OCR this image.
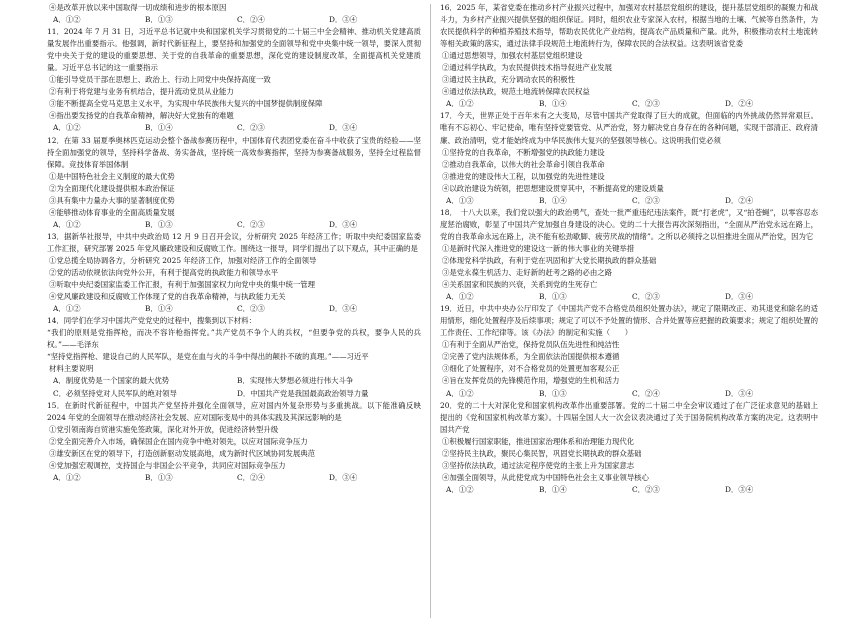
④是改革开放以来中国取得一切成绩和进步的根本原因
A．①②	B．①③	C．②④	D．③④
11．2024 年 7 月 31 日，习近平总书记就中央和国家机关学习贯彻党的二十届三中全会精神、推动机关党建高质量发展作出重要指示。他强调，新时代新征程上，要坚持和加强党的全面领导和党中央集中统一领导，要深入贯彻党中央关于党的建设的重要思想、关于党的自我革命的重要思想，深化党的建设制度改革，全面提高机关党建质量。习近平总书记的这一重要指示
①能引导党员干部在思想上、政治上、行动上同党中央保持高度一致
②有利于将党建与业务有机结合，提升流动党员从业能力
③能不断提高全党马克思主义水平，为实现中华民族伟大复兴的中国梦提供制度保障
④指出要发扬党的自我革命精神，解决好大党独有的难题
A．①②	B．①④	C．②③	D．③④
12．在第 33 届夏季奥林匹克运动会整个备战参赛历程中，中国体育代表团党委在奋斗中收获了宝贵的经验——坚持全面加强党的领导，坚持科学备战、务实备战，坚持统一高效参赛指挥，坚持为参赛备战服务，坚持全过程监督保障。竞技体育举国体制
①是中国特色社会主义制度的最大优势
②为全面现代化建设提供根本政治保证
③具有集中力量办大事的显著制度优势
④能够推动体育事业的全面高质量发展
A．①②	B．①③	C．②③	D．③④
13．据新华社报导，中共中央政治局 12 月 9 日召开会议，分析研究 2025 年经济工作；听取中央纪委国家监委工作汇报，研究部署 2025 年党风廉政建设和反腐败工作。围绕这一报导，同学们提出了以下观点，其中正确的是
①党总揽全局协调各方，分析研究 2025 年经济工作，加强对经济工作的全面领导
②党的活动依规依法向党外公开，有利于提高党的执政能力和领导水平
③听取中央纪委国家监委工作汇报，有利于加强国家权力向党中央的集中统一管理
④党风廉政建设和反腐败工作体现了党的自我革命精神，与执政能力无关
A．①②	B．①④	C．②③	D．③④
14．同学们在学习中国共产党党史的过程中，搜集到以下材料：
“我们的原则是党指挥枪，而决不容许枪指挥党。”共产党员不争个人的兵权，“但要争党的兵权，要争人民的兵权。”——毛泽东
“坚持党指挥枪、建设自己的人民军队，是党在血与火的斗争中得出的颠扑不破的真理。”——习近平
材料主要说明
A．制度优势是一个国家的最大优势	B．实现伟大梦想必须进行伟大斗争
C．必须坚持党对人民军队的绝对领导	D．中国共产党是我国最高政治领导力量
15．在新时代新征程中，中国共产党坚持并强化全面领导，应对国内外复杂形势与多重挑战。以下能准确反映 2024 年党的全面领导在推动经济社会发展、应对国际变局中的具体实践及其深远影响的是
①党引领南海自贸港实施免签政策，深化对外开放，促进经济转型升级
②党全面完善介入市场，确保国企在国内竞争中绝对领先，以应对国际竞争压力
③雄安新区在党的领导下，打造创新驱动发展高地，成为新时代区域协同发展典范
④党加强宏观调控，支持国企与非国企公平竞争，共同应对国际竞争压力
A．①②	B．①③	C．②④	D．③④
16．2025 年，某省党委在推动乡村产业振兴过程中，加强对农村基层党组织的建设，提升基层党组织的凝聚力和战斗力，为乡村产业振兴提供坚强的组织保证。同时，组织农业专家深入农村，根据当地的土壤、气候等自然条件，为农民提供科学的种植养殖技术指导，帮助农民优化产业结构，提高农产品质量和产量。此外，积极推动农村土地流转等相关政策的落实，通过法律手段规范土地流转行为，保障农民的合法权益。这表明该省党委
①通过思想领导，加强农村基层党组织建设
②通过科学执政，为农民提供技术指导促进产业发展
③通过民主执政，充分调动农民的积极性
④通过依法执政，规范土地流转保障农民权益
A．①②	B．①④	C．②③	D．②④
17．今天，世界正处于百年未有之大变局，尽管中国共产党取得了巨大的成就，但面临的内外挑战仍然异常艰巨。唯有不忘初心、牢记使命，唯有坚持党要管党、从严治党，努力解决党自身存在的各种问题，实现干部清正、政府清廉、政治清明，党才能始终成为中华民族伟大复兴的坚强领导核心。这说明我们党必须
①坚持党的自我革命，不断增强党的执政能力建设
②推动自我革命，以伟大的社会革命引领自我革命
③推进党的建设伟大工程，以加强党的先进性建设
④以政治建设为统领，把思想建设贯穿其中，不断提高党的建设质量
A．①③	B．①④	C．②③	D．②④
18．　十八大以来，我们党以强大的政治勇气，查处一批严重违纪违法案件，既“打老虎”，又“拍苍蝇”，以零容忍态度惩治腐败，彰显了中国共产党加强自身建设的决心。党的二十大报告再次深刻指出，“全面从严治党永远在路上，党的自我革命永远在路上，决不能有松劲歇脚、疲劳厌战的情绪”。之所以必须持之以恒推进全面从严治党，因为它
①是新时代深入推进党的建设这一新的伟大事业的关键举措
②体现党科学执政，有利于党在巩固和扩大党长期执政的群众基础
③是党永葆生机活力、走好新的赶考之路的必由之路
④关系国家和民族的兴衰，关系到党的生死存亡
A．①②	B．①③	C．②③	D．③④
19．近日，中共中央办公厅印发了《中国共产党不合格党员组织处置办法》，规定了限期改正、劝其退党和除名的适用情形，细化处置程序及后续事项；规定了可以不予处置的情形、合并处置等应把握的政策要求；规定了组织处置的工作责任、工作纪律等。该《办法》的制定和实施（　　）
①有利于全面从严治党，保持党员队伍先进性和纯洁性
②完善了党内法规体系，为全面依法治国提供根本遵循
③细化了处置程序，对不合格党员的处置更加客观公正
④旨在发挥党员的先锋模范作用，增强党的生机和活力
A．①②	B．①③	C．②④	D．③④
20．党的二十大对深化党和国家机构改革作出重要部署。党的二十届二中全会审议通过了在广泛征求意见的基础上提出的《党和国家机构改革方案》。十四届全国人大一次会议表决通过了关于国务院机构改革方案的决定。这表明中国共产党
①积极履行国家职能，推进国家治理体系和治理能力现代化
②坚持民主执政，聚民心集民智，巩固党长期执政的群众基础
③坚持依法执政，通过法定程序使党的主张上升为国家意志
④加强全面领导，从此使党成为中国特色社会主义事业领导核心
A．①②	B．①④	C．②③	D．③④
